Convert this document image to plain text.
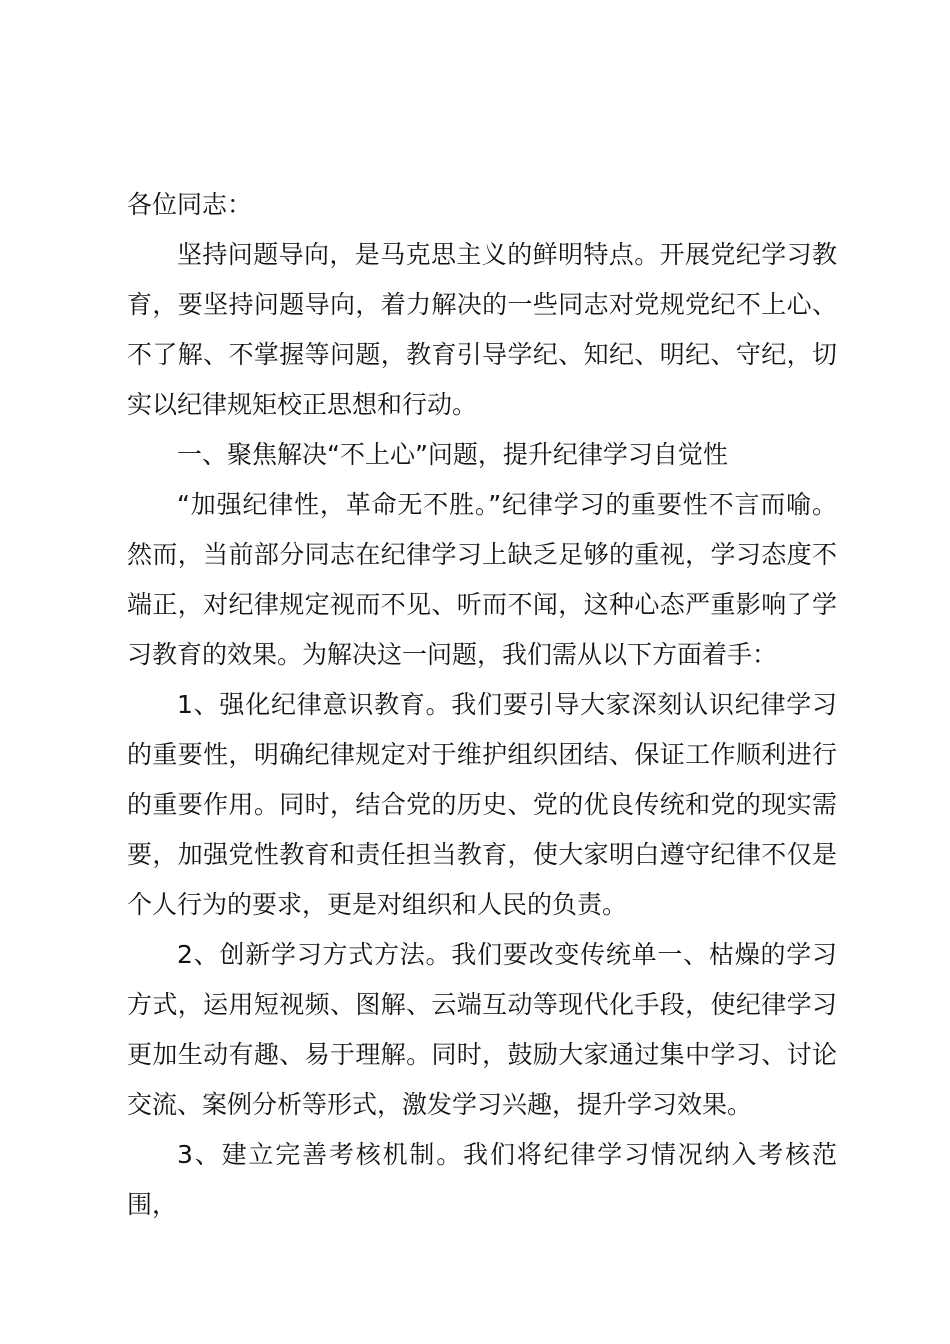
各位同志：

坚持问题导向，是马克思主义的鲜明特点。开展党纪学习教育，要坚持问题导向，着力解决的一些同志对党规党纪不上心、不了解、不掌握等问题，教育引导学纪、知纪、明纪、守纪，切实以纪律规矩校正思想和行动。

一、聚焦解决“不上心”问题，提升纪律学习自觉性

“加强纪律性，革命无不胜。”纪律学习的重要性不言而喻。然而，当前部分同志在纪律学习上缺乏足够的重视，学习态度不端正，对纪律规定视而不见、听而不闻，这种心态严重影响了学习教育的效果。为解决这一问题，我们需从以下方面着手：

1、强化纪律意识教育。我们要引导大家深刻认识纪律学习的重要性，明确纪律规定对于维护组织团结、保证工作顺利进行的重要作用。同时，结合党的历史、党的优良传统和党的现实需要，加强党性教育和责任担当教育，使大家明白遵守纪律不仅是个人行为的要求，更是对组织和人民的负责。

2、创新学习方式方法。我们要改变传统单一、枯燥的学习方式，运用短视频、图解、云端互动等现代化手段，使纪律学习更加生动有趣、易于理解。同时，鼓励大家通过集中学习、讨论交流、案例分析等形式，激发学习兴趣，提升学习效果。

3、建立完善考核机制。我们将纪律学习情况纳入考核范围，
